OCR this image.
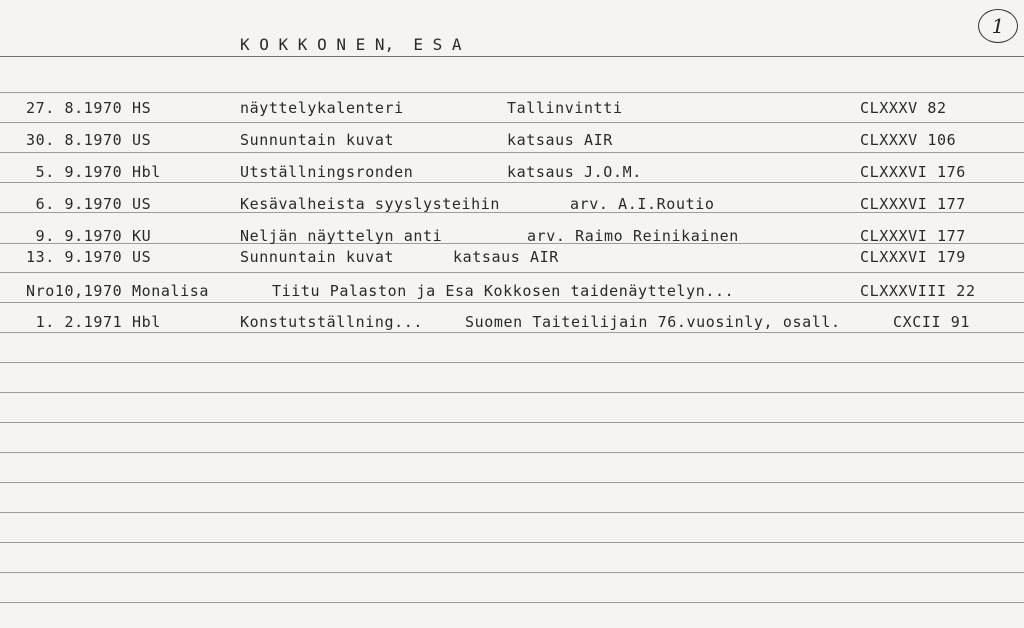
K O K K O N E N,  E S A
1
27. 8.1970 HS	näyttelykalenteri	Tallinvintti	CLXXXV 82
30. 8.1970 US	Sunnuntain kuvat	katsaus AIR	CLXXXV 106
5. 9.1970 Hbl	Utställningsronden	katsaus J.O.M.	CLXXXVI 176
6. 9.1970 US	Kesävalheista syyslysteihin	arv. A.I.Routio	CLXXXVI 177
9. 9.1970 KU	Neljän näyttelyn anti	arv. Raimo Reinikainen	CLXXXVI 177
13. 9.1970 US	Sunnuntain kuvat	katsaus AIR	CLXXXVI 179
Nro10,1970 Monalisa	Tiitu Palaston ja Esa Kokkosen taidenäyttelyn...	CLXXXVIII 22
1. 2.1971 Hbl	Konstutställning...	Suomen Taiteilijain 76.vuosinly, osall.	CXCII 91
